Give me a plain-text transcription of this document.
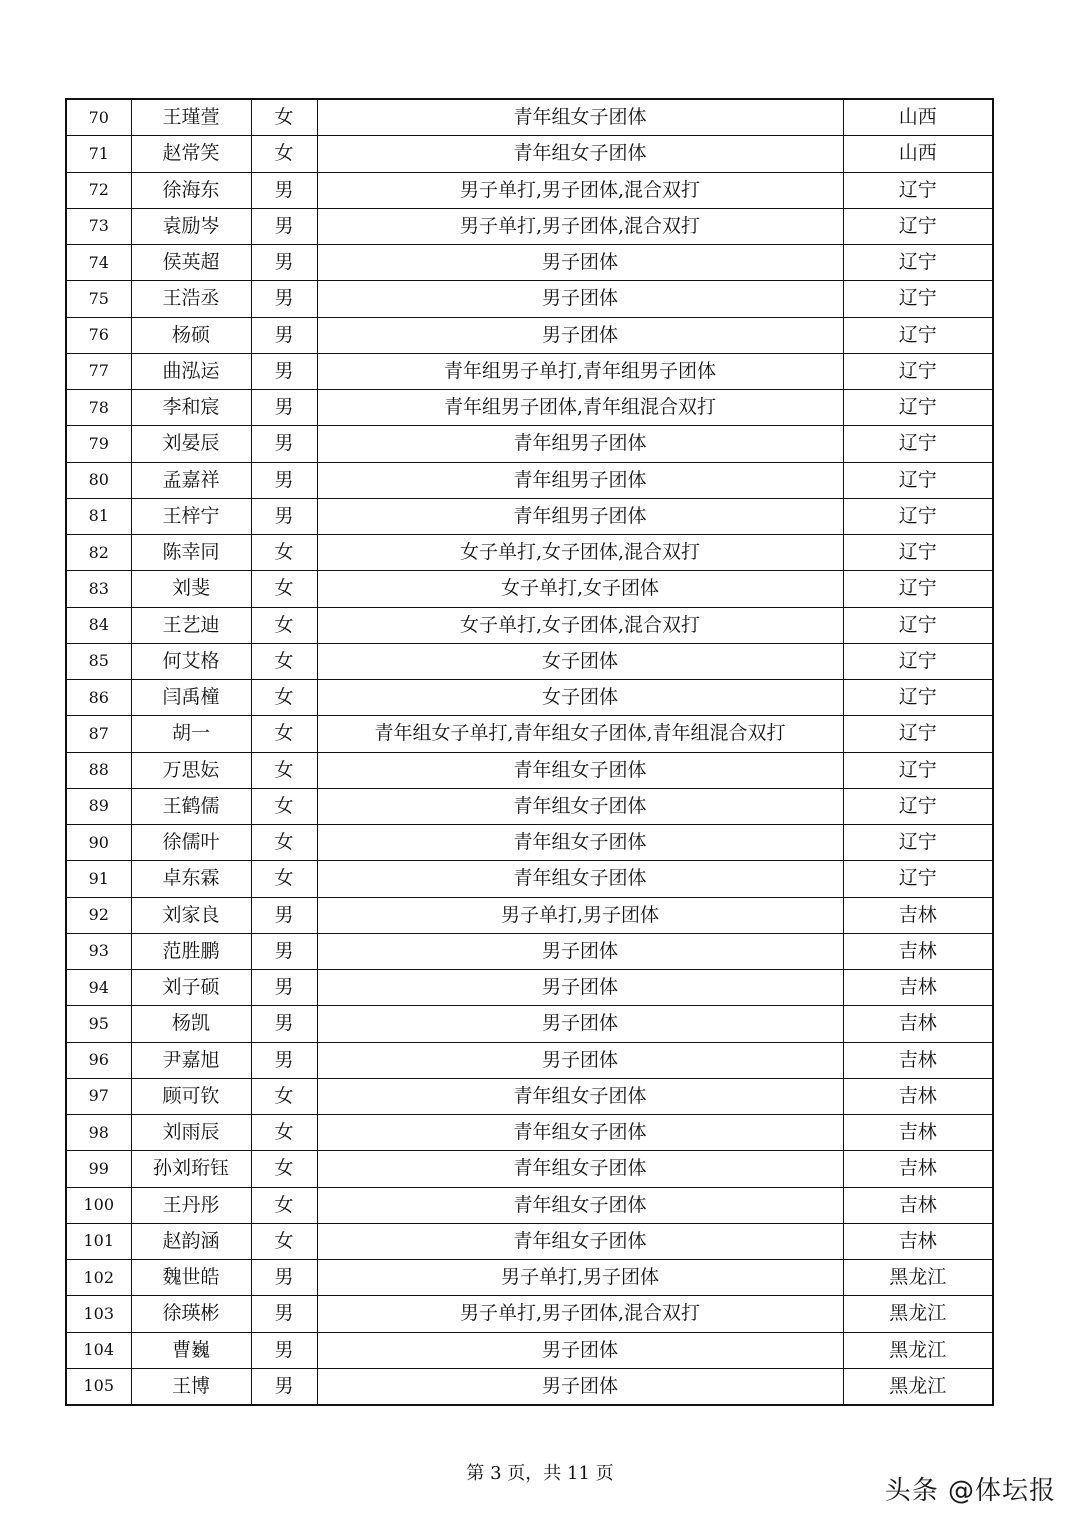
70	王瑾萱	女	青年组女子团体	山西
71	赵常笑	女	青年组女子团体	山西
72	徐海东	男	男子单打,男子团体,混合双打	辽宁
73	袁励岑	男	男子单打,男子团体,混合双打	辽宁
74	侯英超	男	男子团体	辽宁
75	王浩丞	男	男子团体	辽宁
76	杨硕	男	男子团体	辽宁
77	曲泓运	男	青年组男子单打,青年组男子团体	辽宁
78	李和宸	男	青年组男子团体,青年组混合双打	辽宁
79	刘晏辰	男	青年组男子团体	辽宁
80	孟嘉祥	男	青年组男子团体	辽宁
81	王梓宁	男	青年组男子团体	辽宁
82	陈幸同	女	女子单打,女子团体,混合双打	辽宁
83	刘斐	女	女子单打,女子团体	辽宁
84	王艺迪	女	女子单打,女子团体,混合双打	辽宁
85	何艾格	女	女子团体	辽宁
86	闫禹橦	女	女子团体	辽宁
87	胡一	女	青年组女子单打,青年组女子团体,青年组混合双打	辽宁
88	万思妘	女	青年组女子团体	辽宁
89	王鹤儒	女	青年组女子团体	辽宁
90	徐儒叶	女	青年组女子团体	辽宁
91	卓东霖	女	青年组女子团体	辽宁
92	刘家良	男	男子单打,男子团体	吉林
93	范胜鹏	男	男子团体	吉林
94	刘子硕	男	男子团体	吉林
95	杨凯	男	男子团体	吉林
96	尹嘉旭	男	男子团体	吉林
97	顾可钦	女	青年组女子团体	吉林
98	刘雨辰	女	青年组女子团体	吉林
99	孙刘珩钰	女	青年组女子团体	吉林
100	王丹彤	女	青年组女子团体	吉林
101	赵韵涵	女	青年组女子团体	吉林
102	魏世皓	男	男子单打,男子团体	黑龙江
103	徐瑛彬	男	男子单打,男子团体,混合双打	黑龙江
104	曹巍	男	男子团体	黑龙江
105	王博	男	男子团体	黑龙江
第 3 页，共 11 页
头条 @体坛报
